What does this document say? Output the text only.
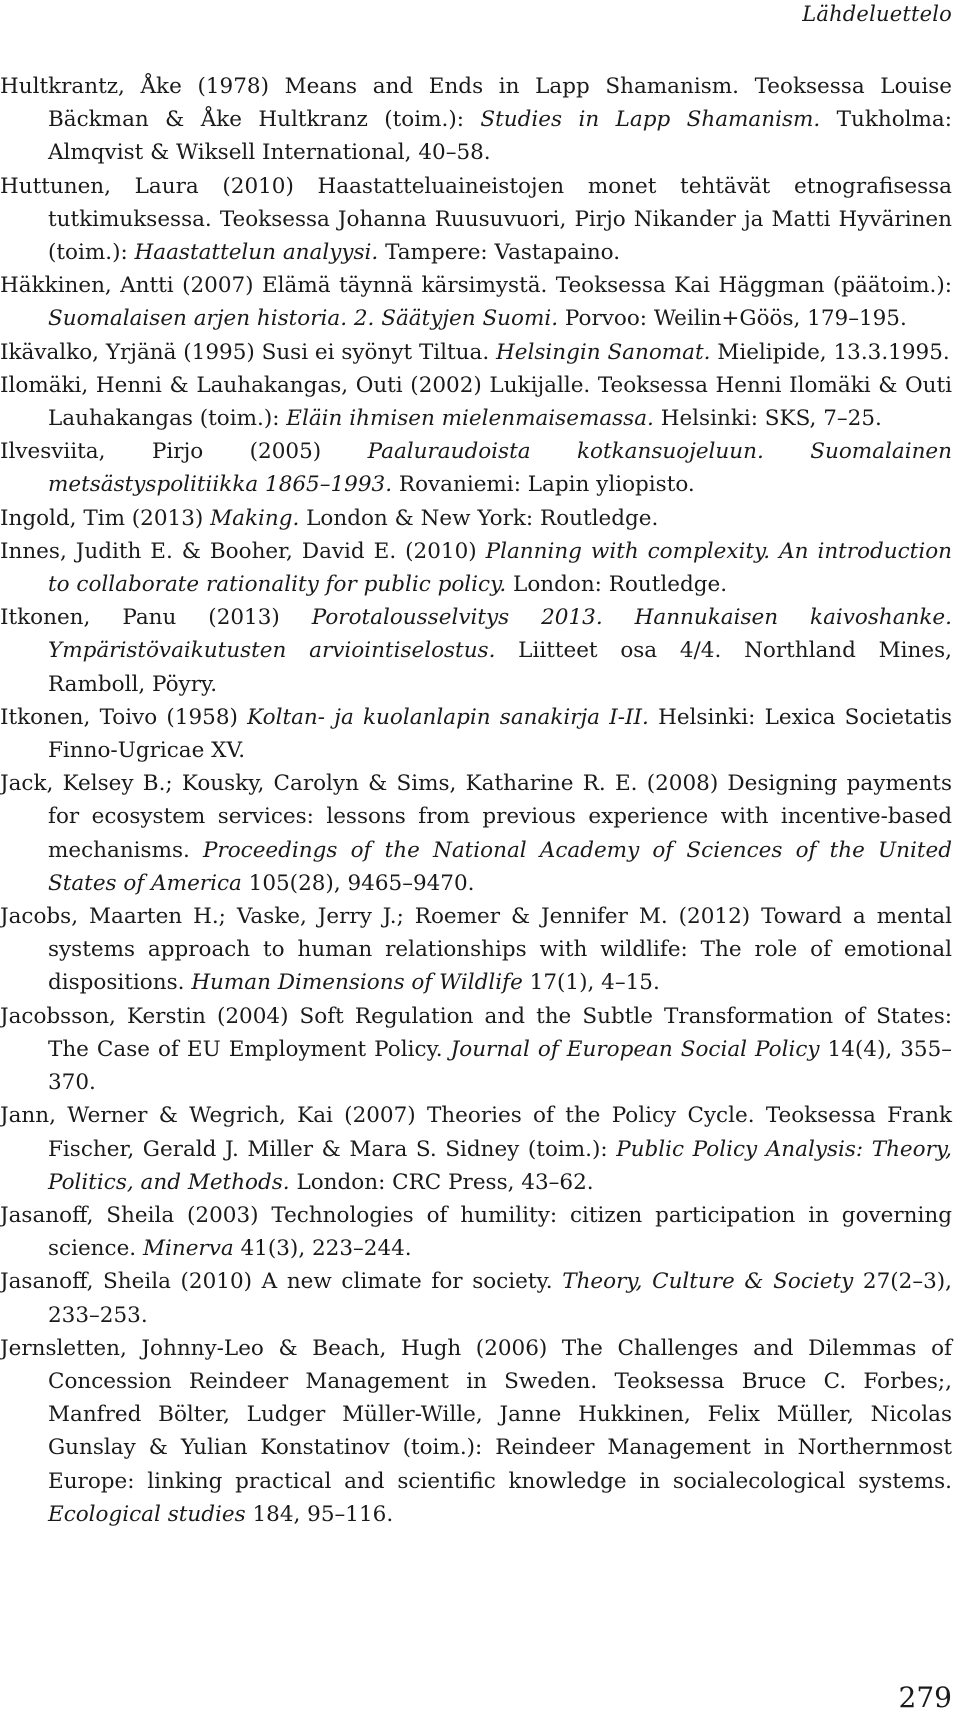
Lähdeluettelo

Hultkrantz, Åke (1978) Means and Ends in Lapp Shamanism. Teoksessa Louise Bäckman & Åke Hultkranz (toim.): Studies in Lapp Shamanism. Tukholma: Almqvist & Wiksell International, 40–58.

Huttunen, Laura (2010) Haastatteluaineistojen monet tehtävät etnografisessa tutkimuksessa. Teoksessa Johanna Ruusuvuori, Pirjo Nikander ja Matti Hyvärinen (toim.): Haastattelun analyysi. Tampere: Vastapaino.

Häkkinen, Antti (2007) Elämä täynnä kärsimystä. Teoksessa Kai Häggman (päätoim.): Suomalaisen arjen historia. 2. Säätyjen Suomi. Porvoo: Weilin+Göös, 179–195.

Ikävalko, Yrjänä (1995) Susi ei syönyt Tiltua. Helsingin Sanomat. Mielipide, 13.3.1995.

Ilomäki, Henni & Lauhakangas, Outi (2002) Lukijalle. Teoksessa Henni Ilomäki & Outi Lauhakangas (toim.): Eläin ihmisen mielenmaisemassa. Helsinki: SKS, 7–25.

Ilvesviita, Pirjo (2005) Paaluraudoista kotkansuojeluun. Suomalainen metsästyspolitiikka 1865–1993. Rovaniemi: Lapin yliopisto.

Ingold, Tim (2013) Making. London & New York: Routledge.

Innes, Judith E. & Booher, David E. (2010) Planning with complexity. An introduction to collaborate rationality for public policy. London: Routledge.

Itkonen, Panu (2013) Porotalousselvitys 2013. Hannukaisen kaivoshanke. Ympäristövaikutusten arviointiselostus. Liitteet osa 4/4. Northland Mines, Ramboll, Pöyry.

Itkonen, Toivo (1958) Koltan- ja kuolanlapin sanakirja I-II. Helsinki: Lexica Societatis Finno-Ugricae XV.

Jack, Kelsey B.; Kousky, Carolyn & Sims, Katharine R. E. (2008) Designing payments for ecosystem services: lessons from previous experience with incentive-based mechanisms. Proceedings of the National Academy of Sciences of the United States of America 105(28), 9465–9470.

Jacobs, Maarten H.; Vaske, Jerry J.; Roemer & Jennifer M. (2012) Toward a mental systems approach to human relationships with wildlife: The role of emotional dispositions. Human Dimensions of Wildlife 17(1), 4–15.

Jacobsson, Kerstin (2004) Soft Regulation and the Subtle Transformation of States: The Case of EU Employment Policy. Journal of European Social Policy 14(4), 355–370.

Jann, Werner & Wegrich, Kai (2007) Theories of the Policy Cycle. Teoksessa Frank Fischer, Gerald J. Miller & Mara S. Sidney (toim.): Public Policy Analysis: Theory, Politics, and Methods. London: CRC Press, 43–62.

Jasanoff, Sheila (2003) Technologies of humility: citizen participation in governing science. Minerva 41(3), 223–244.

Jasanoff, Sheila (2010) A new climate for society. Theory, Culture & Society 27(2–3), 233–253.

Jernsletten, Johnny-Leo & Beach, Hugh (2006) The Challenges and Dilemmas of Concession Reindeer Management in Sweden. Teoksessa Bruce C. Forbes;, Manfred Bölter, Ludger Müller-Wille, Janne Hukkinen, Felix Müller, Nicolas Gunslay & Yulian Konstatinov (toim.): Reindeer Management in Northernmost Europe: linking practical and scientific knowledge in socialecological systems. Ecological studies 184, 95–116.

279
